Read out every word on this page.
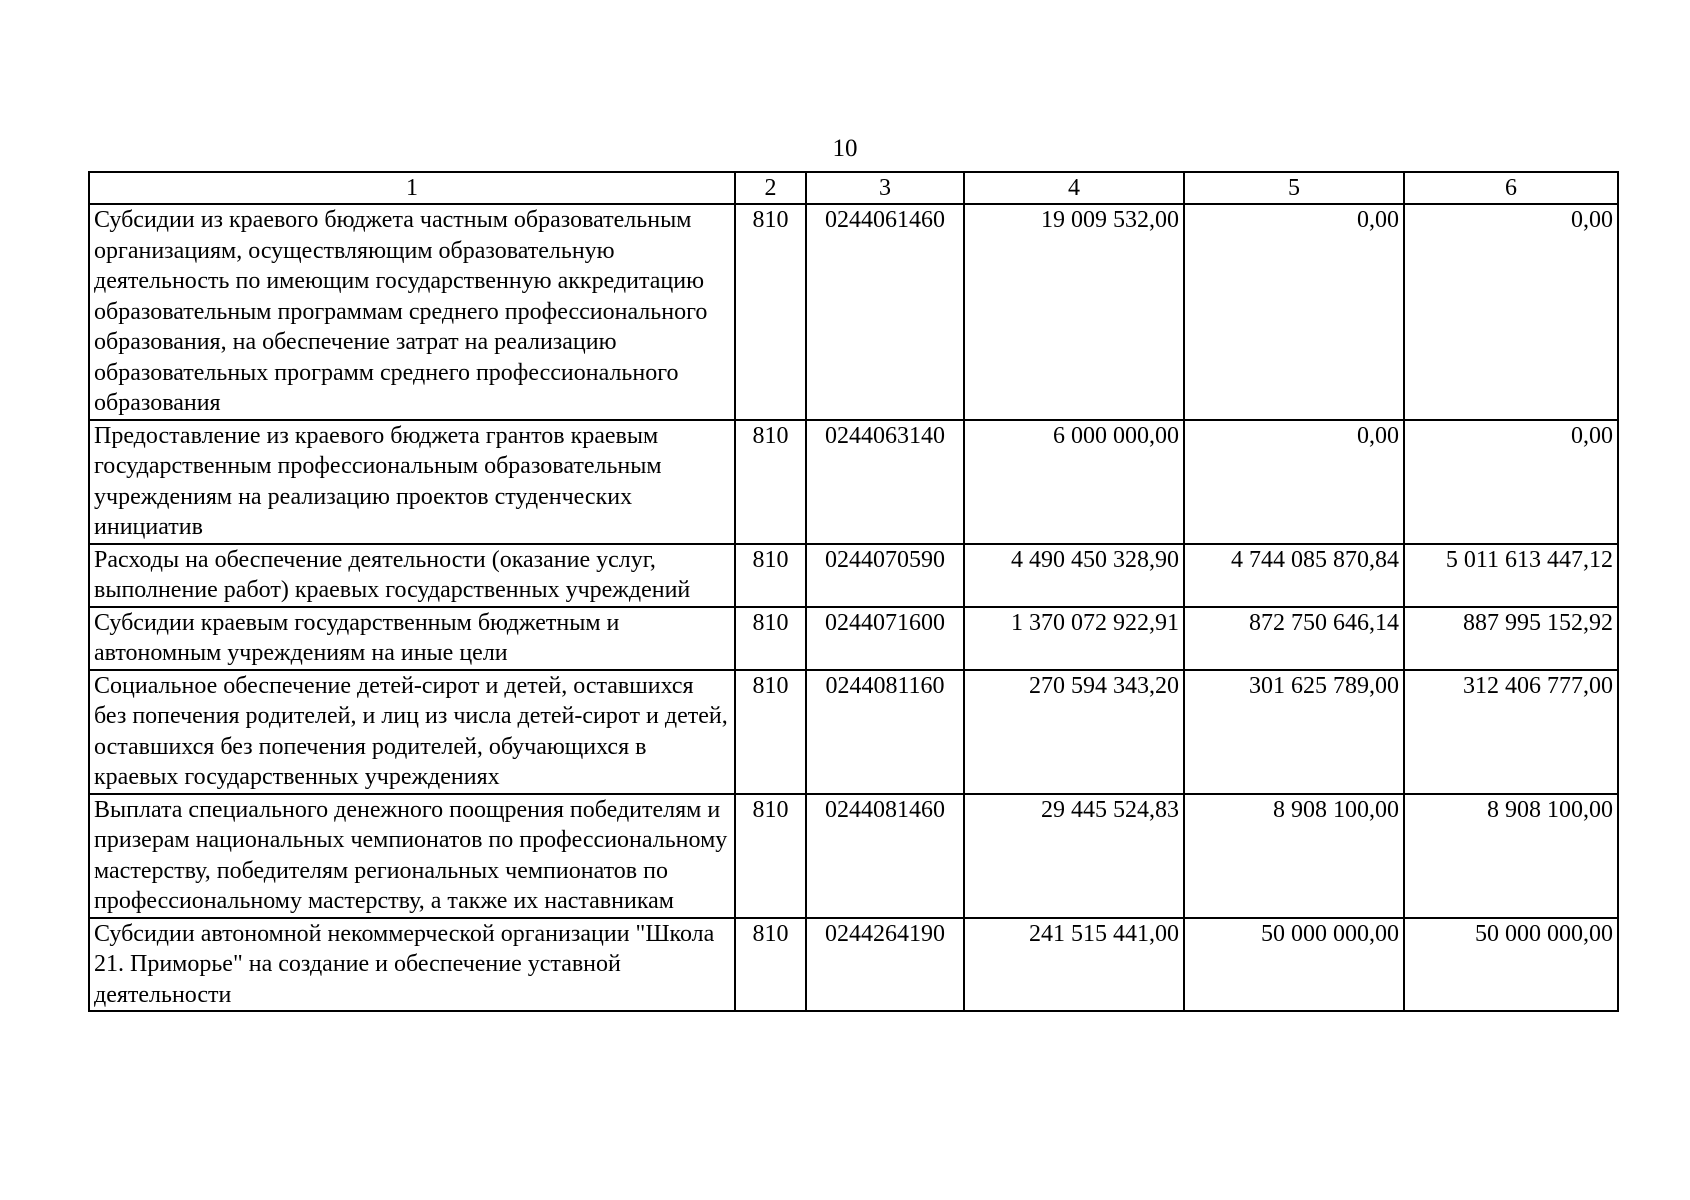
10
1	2	3	4	5	6
Субсидии из краевого бюджета частным образовательным организациям, осуществляющим образовательную деятельность по имеющим государственную аккредитацию образовательным программам среднего профессионального образования, на обеспечение затрат на реализацию образовательных программ среднего профессионального образования	810	0244061460	19 009 532,00	0,00	0,00
Предоставление из краевого бюджета грантов краевым государственным профессиональным образовательным учреждениям на реализацию проектов студенческих инициатив	810	0244063140	6 000 000,00	0,00	0,00
Расходы на обеспечение деятельности (оказание услуг, выполнение работ) краевых государственных учреждений	810	0244070590	4 490 450 328,90	4 744 085 870,84	5 011 613 447,12
Субсидии краевым государственным бюджетным и автономным учреждениям на иные цели	810	0244071600	1 370 072 922,91	872 750 646,14	887 995 152,92
Социальное обеспечение детей-сирот и детей, оставшихся без попечения родителей, и лиц из числа детей-сирот и детей, оставшихся без попечения родителей, обучающихся в краевых государственных учреждениях	810	0244081160	270 594 343,20	301 625 789,00	312 406 777,00
Выплата специального денежного поощрения победителям и призерам национальных чемпионатов по профессиональному мастерству, победителям региональных чемпионатов по профессиональному мастерству, а также их наставникам	810	0244081460	29 445 524,83	8 908 100,00	8 908 100,00
Субсидии автономной некоммерческой организации "Школа 21. Приморье" на создание и обеспечение уставной деятельности	810	0244264190	241 515 441,00	50 000 000,00	50 000 000,00
